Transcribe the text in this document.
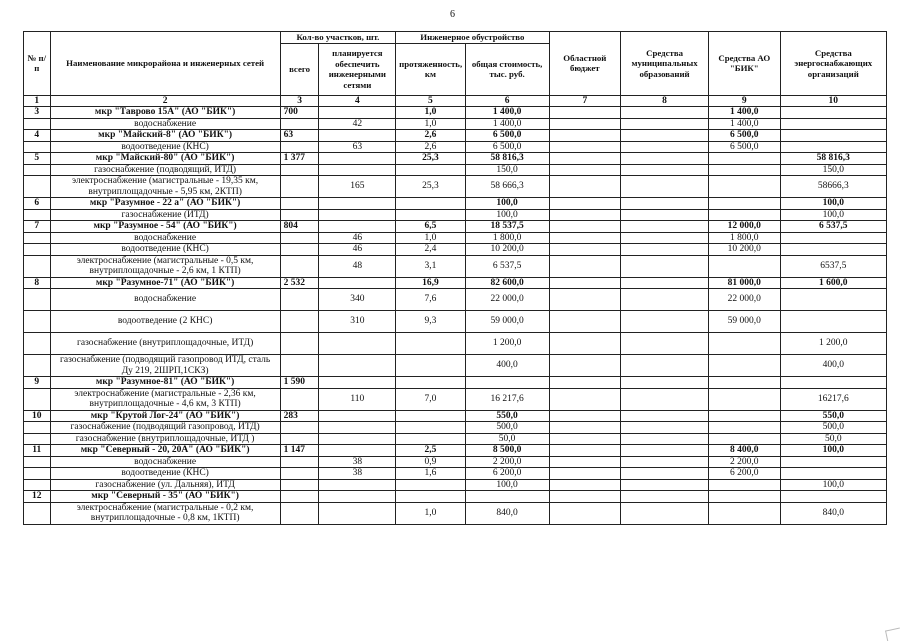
6
№ п/п	Наименование микрорайона и инженерных сетей	Кол-во участков, шт.		Инженерное обустройство		Областной бюджет	Средства муниципальных образований	Средства АО "БИК"	Средства энергоснабжающих организаций
		всего	планируется обеспечить инженерными сетями	протяженность, км	общая стоимость, тыс. руб.				
1	2	3	4	5	6	7	8	9	10
3	мкр "Таврово 15А" (АО "БИК")	700		1,0	1 400,0			1 400,0	
	водоснабжение		42	1,0	1 400,0			1 400,0	
4	мкр "Майский-8" (АО "БИК")	63		2,6	6 500,0			6 500,0	
	водоотведение (КНС)		63	2,6	6 500,0			6 500,0	
5	мкр "Майский-80" (АО "БИК")	1 377		25,3	58 816,3				58 816,3
	газоснабжение (подводящий, ИТД)				150,0				150,0
	электроснабжение (магистральные - 19,35 км, внутриплощадочные - 5,95 км, 2КТП)		165	25,3	58 666,3				58666,3
6	мкр "Разумное - 22 а" (АО "БИК")				100,0				100,0
	газоснабжение (ИТД)				100,0				100,0
7	мкр "Разумное - 54" (АО "БИК")	804		6,5	18 537,5			12 000,0	6 537,5
	водоснабжение		46	1,0	1 800,0			1 800,0	
	водоотведение (КНС)		46	2,4	10 200,0			10 200,0	
	электроснабжение (магистральные - 0,5 км, внутриплощадочные - 2,6 км, 1 КТП)		48	3,1	6 537,5				6537,5
8	мкр "Разумное-71" (АО "БИК")	2 532		16,9	82 600,0			81 000,0	1 600,0
	водоснабжение		340	7,6	22 000,0			22 000,0	
	водоотведение (2 КНС)		310	9,3	59 000,0			59 000,0	
	газоснабжение (внутриплощадочные, ИТД)				1 200,0				1 200,0
	газоснабжение (подводящий газопровод ИТД, сталь Ду 219, 2ШРП,1СКЗ)				400,0				400,0
9	мкр "Разумное-81" (АО "БИК")	1 590							
	электроснабжение (магистральные - 2,36 км, внутриплощадочные - 4,6 км, 3 КТП)		110	7,0	16 217,6				16217,6
10	мкр "Крутой Лог-24" (АО "БИК")	283			550,0				550,0
	газоснабжение (подводящий газопровод, ИТД)				500,0				500,0
	газоснабжение (внутриплощадочные, ИТД )				50,0				50,0
11	мкр "Северный - 20, 20А" (АО "БИК")	1 147		2,5	8 500,0			8 400,0	100,0
	водоснабжение		38	0,9	2 200,0			2 200,0	
	водоотведение (КНС)		38	1,6	6 200,0			6 200,0	
	газоснабжение (ул. Дальняя), ИТД				100,0				100,0
12	мкр "Северный - 35" (АО "БИК")								
	электроснабжение (магистральные - 0,2 км, внутриплощадочные - 0,8 км, 1КТП)			1,0	840,0				840,0
